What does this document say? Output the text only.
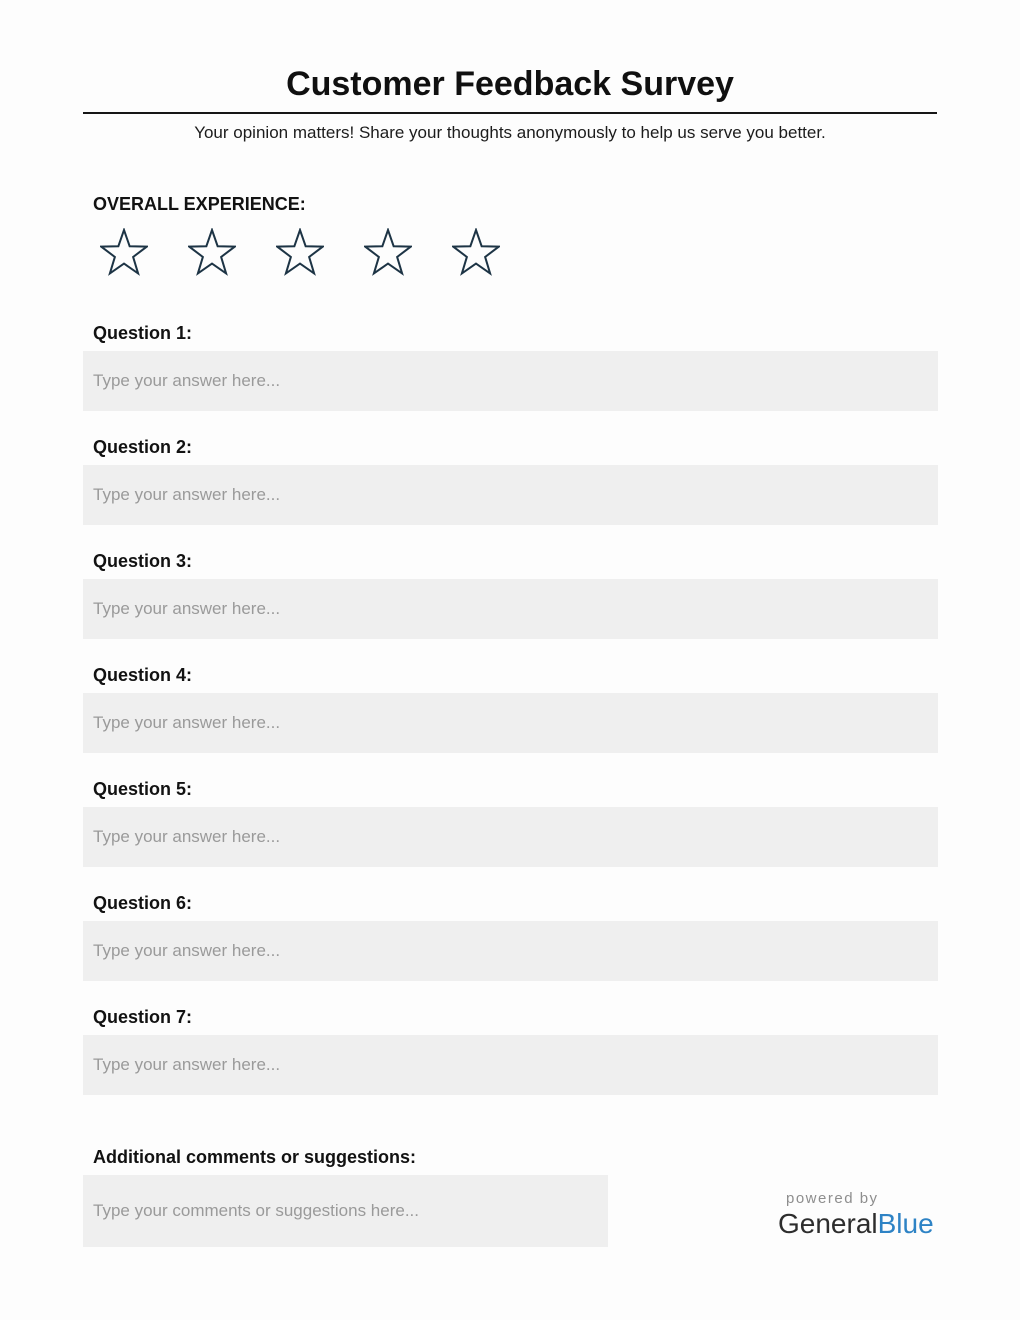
Customer Feedback Survey

Your opinion matters! Share your thoughts anonymously to help us serve you better.

OVERALL EXPERIENCE:
Question 1:
Type your answer here...
Question 2:
Type your answer here...
Question 3:
Type your answer here...
Question 4:
Type your answer here...
Question 5:
Type your answer here...
Question 6:
Type your answer here...
Question 7:
Type your answer here...
Additional comments or suggestions:
Type your comments or suggestions here...
powered by
GeneralBlue
